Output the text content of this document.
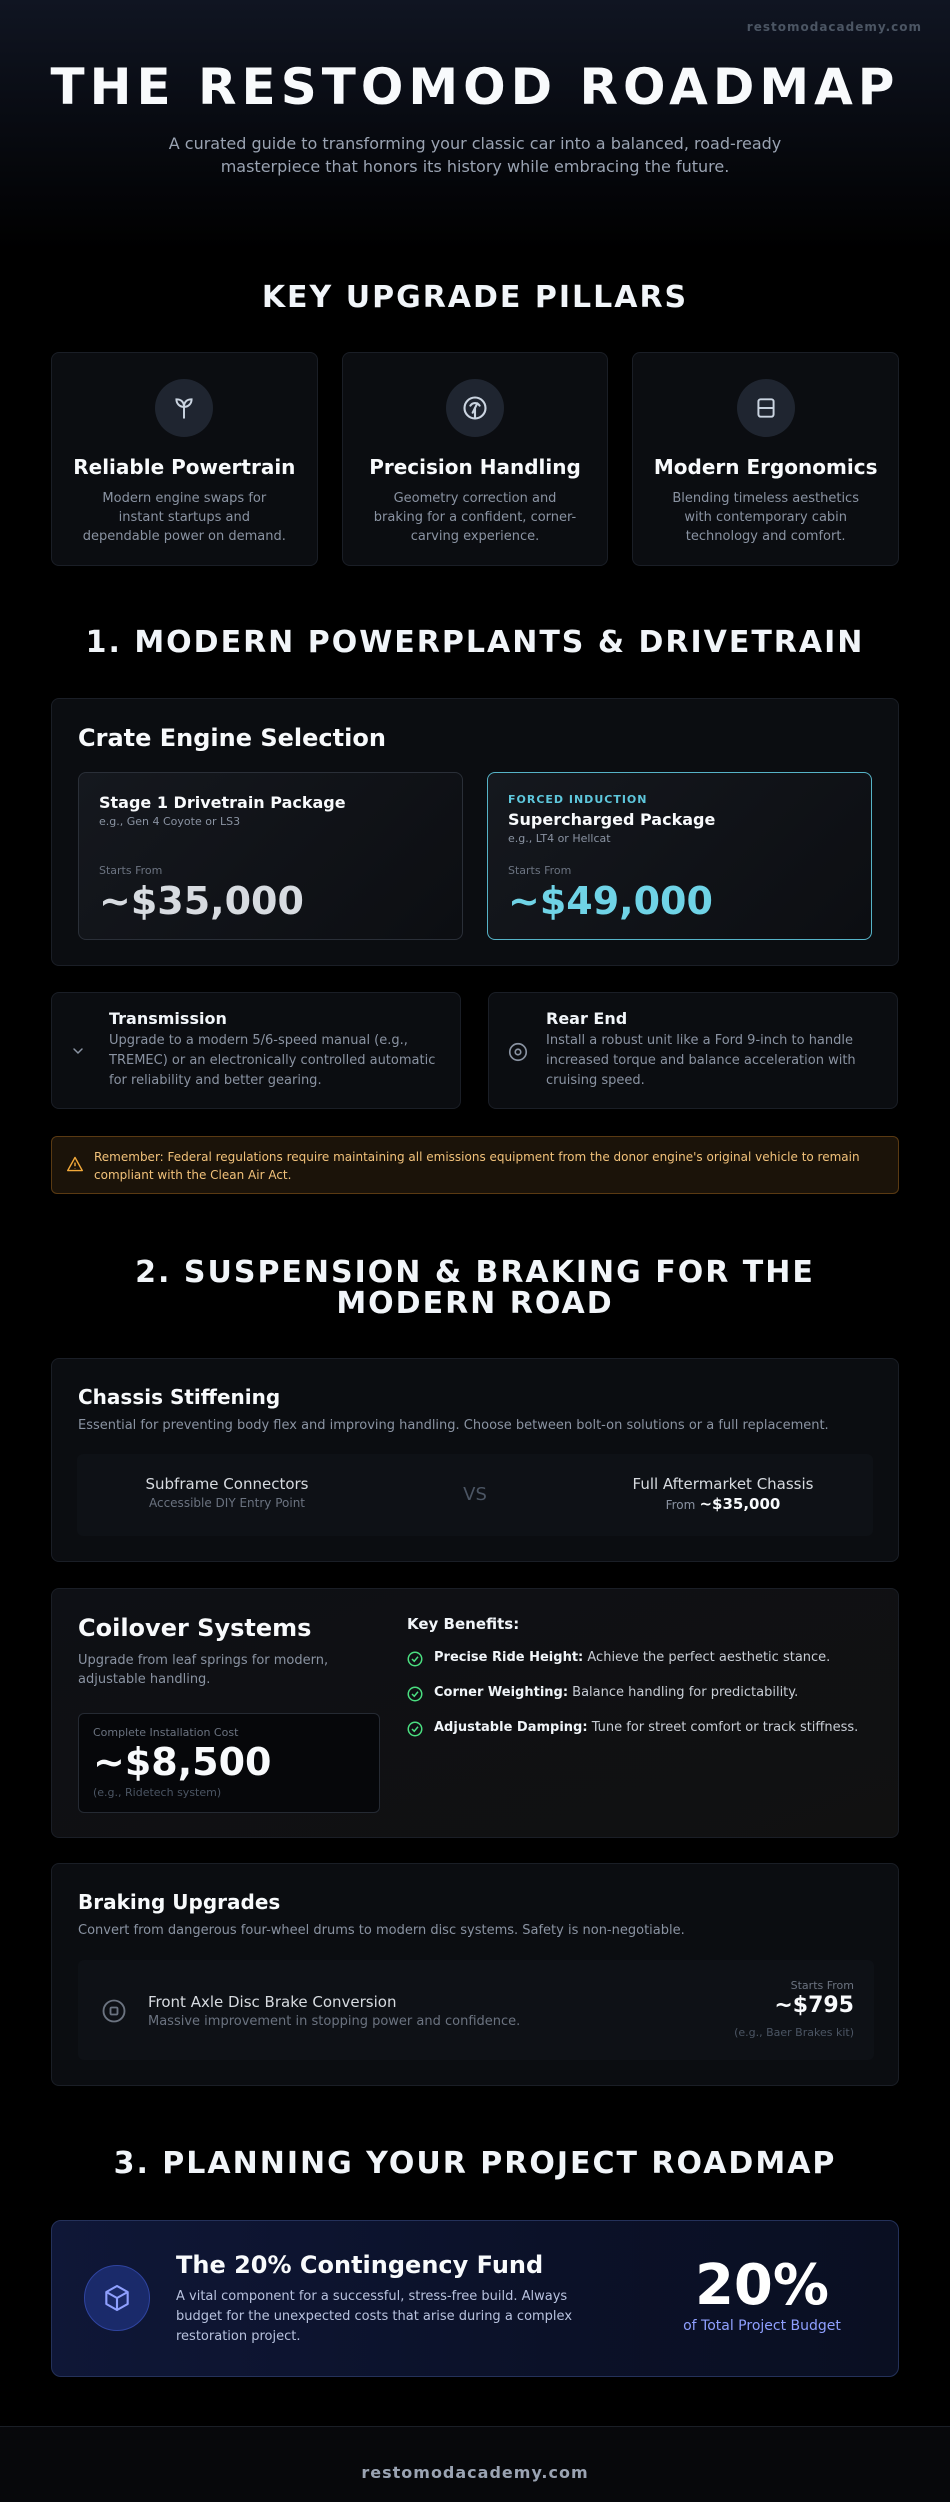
restomodacademy.com
THE RESTOMOD ROADMAP

A curated guide to transforming your classic car into a balanced, road-ready masterpiece that honors its history while embracing the future.

KEY UPGRADE PILLARS
Reliable Powertrain

Modern engine swaps for instant startups and dependable power on demand.

Precision Handling

Geometry correction and braking for a confident, corner-carving experience.

Modern Ergonomics

Blending timeless aesthetics with contemporary cabin technology and comfort.

1. MODERN POWERPLANTS & DRIVETRAIN
Crate Engine Selection
Stage 1 Drivetrain Package
e.g., Gen 4 Coyote or LS3
Starts From
~$35,000
FORCED INDUCTION
Supercharged Package
e.g., LT4 or Hellcat
Starts From
~$49,000
Transmission

Upgrade to a modern 5/6-speed manual (e.g., TREMEC) or an electronically controlled automatic for reliability and better gearing.

Rear End

Install a robust unit like a Ford 9-inch to handle increased torque and balance acceleration with cruising speed.

Remember: Federal regulations require maintaining all emissions equipment from the donor engine's original vehicle to remain compliant with the Clean Air Act.
2. SUSPENSION & BRAKING FOR THE MODERN ROAD
Chassis Stiffening
Essential for preventing body flex and improving handling. Choose between bolt-on solutions or a full replacement.
Subframe Connectors
Accessible DIY Entry Point	VS	Full Aftermarket Chassis
From ~$35,000
Coilover Systems
Upgrade from leaf springs for modern, adjustable handling.
Complete Installation Cost
~$8,500
(e.g., Ridetech system)
Key Benefits:
Precise Ride Height: Achieve the perfect aesthetic stance.
Corner Weighting: Balance handling for predictability.
Adjustable Damping: Tune for street comfort or track stiffness.
Braking Upgrades
Convert from dangerous four-wheel drums to modern disc systems. Safety is non-negotiable.
Front Axle Disc Brake Conversion
Massive improvement in stopping power and confidence.
Starts From
~$795
(e.g., Baer Brakes kit)
3. PLANNING YOUR PROJECT ROADMAP
The 20% Contingency Fund
A vital component for a successful, stress-free build. Always budget for the unexpected costs that arise during a complex restoration project.
20%
of Total Project Budget
restomodacademy.com
